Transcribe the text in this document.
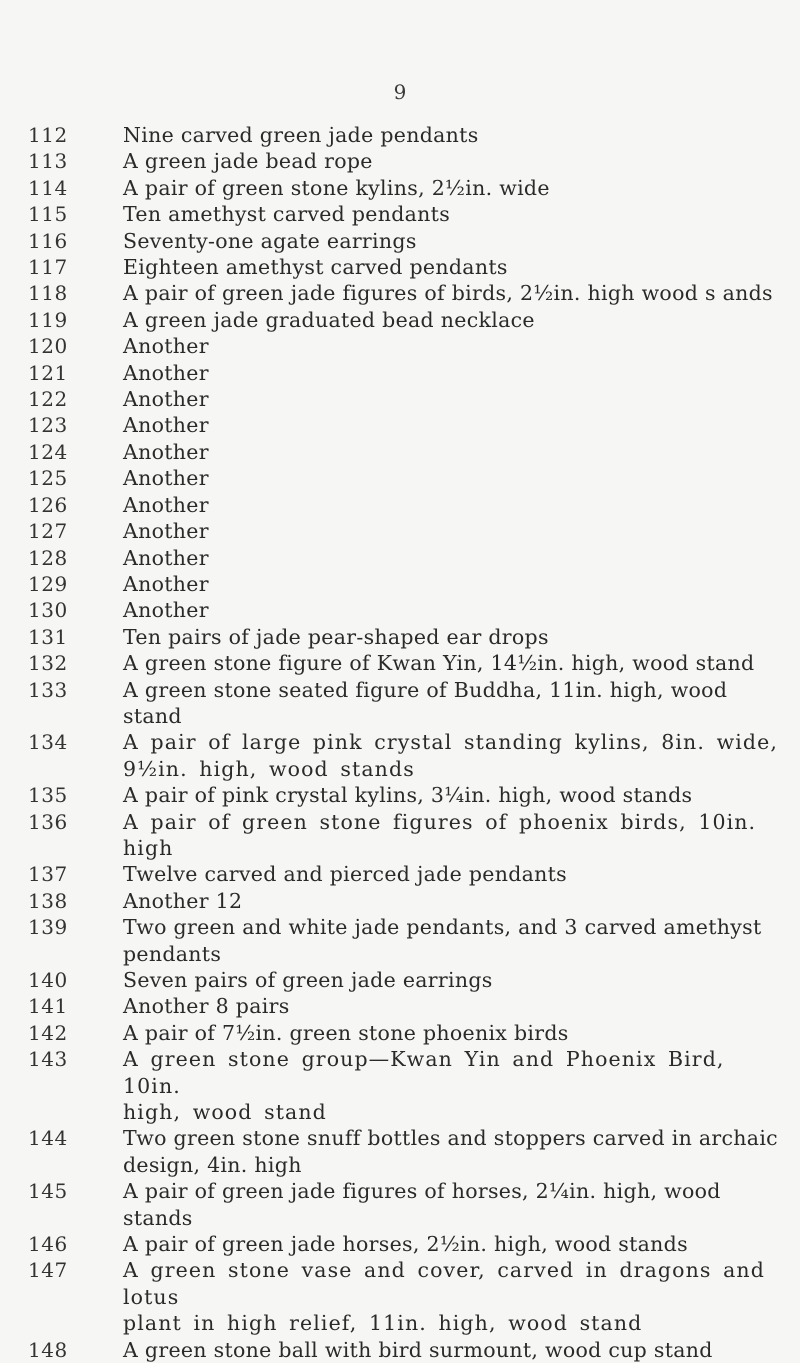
9
112	Nine carved green jade pendants
113	A green jade bead rope
114	A pair of green stone kylins, 2½in. wide
115	Ten amethyst carved pendants
116	Seventy-one agate earrings
117	Eighteen amethyst carved pendants
118	A pair of green jade figures of birds, 2½in. high wood s ands
119	A green jade graduated bead necklace
120	Another
121	Another
122	Another
123	Another
124	Another
125	Another
126	Another
127	Another
128	Another
129	Another
130	Another
131	Ten pairs of jade pear-shaped ear drops
132	A green stone figure of Kwan Yin, 14½in. high, wood stand
133	A green stone seated figure of Buddha, 11in. high, wood stand
134	A pair of large pink crystal standing kylins, 8in. wide,
9½in. high, wood stands
135	A pair of pink crystal kylins, 3¼in. high, wood stands
136	A pair of green stone figures of phoenix birds, 10in. high
137	Twelve carved and pierced jade pendants
138	Another 12
139	Two green and white jade pendants, and 3 carved amethyst
pendants
140	Seven pairs of green jade earrings
141	Another 8 pairs
142	A pair of 7½in. green stone phoenix birds
143	A green stone group—Kwan Yin and Phoenix Bird, 10in.
high, wood stand
144	Two green stone snuff bottles and stoppers carved in archaic
design, 4in. high
145	A pair of green jade figures of horses, 2¼in. high, wood stands
146	A pair of green jade horses, 2½in. high, wood stands
147	A green stone vase and cover, carved in dragons and lotus
plant in high relief, 11in. high, wood stand
148	A green stone ball with bird surmount, wood cup stand
